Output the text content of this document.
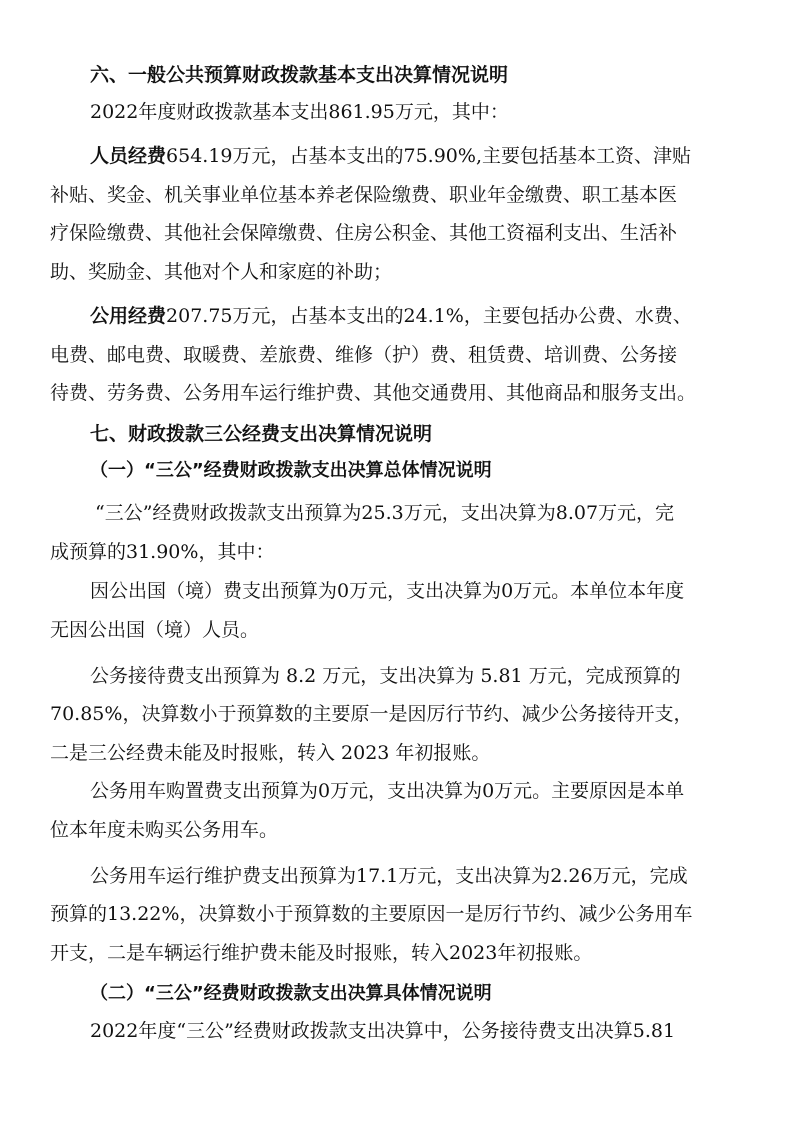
六、一般公共预算财政拨款基本支出决算情况说明
2022年度财政拨款基本支出861.95万元，其中：
人员经费654.19万元，占基本支出的75.90%,主要包括基本工资、津贴
补贴、奖金、机关事业单位基本养老保险缴费、职业年金缴费、职工基本医
疗保险缴费、其他社会保障缴费、住房公积金、其他工资福利支出、生活补
助、奖励金、其他对个人和家庭的补助；
公用经费207.75万元，占基本支出的24.1%，主要包括办公费、水费、
电费、邮电费、取暖费、差旅费、维修（护）费、租赁费、培训费、公务接
待费、劳务费、公务用车运行维护费、其他交通费用、其他商品和服务支出。
七、财政拨款三公经费支出决算情况说明
（一）“三公”经费财政拨款支出决算总体情况说明
“三公”经费财政拨款支出预算为25.3万元，支出决算为8.07万元，完
成预算的31.90%，其中：
因公出国（境）费支出预算为0万元，支出决算为0万元。本单位本年度
无因公出国（境）人员。
公务接待费支出预算为 8.2 万元，支出决算为 5.81 万元，完成预算的
70.85%，决算数小于预算数的主要原一是因厉行节约、减少公务接待开支，
二是三公经费未能及时报账，转入 2023 年初报账。
公务用车购置费支出预算为0万元，支出决算为0万元。主要原因是本单
位本年度未购买公务用车。
公务用车运行维护费支出预算为17.1万元，支出决算为2.26万元，完成
预算的13.22%，决算数小于预算数的主要原因一是厉行节约、减少公务用车
开支，二是车辆运行维护费未能及时报账，转入2023年初报账。
（二）“三公”经费财政拨款支出决算具体情况说明
2022年度“三公”经费财政拨款支出决算中，公务接待费支出决算5.81
